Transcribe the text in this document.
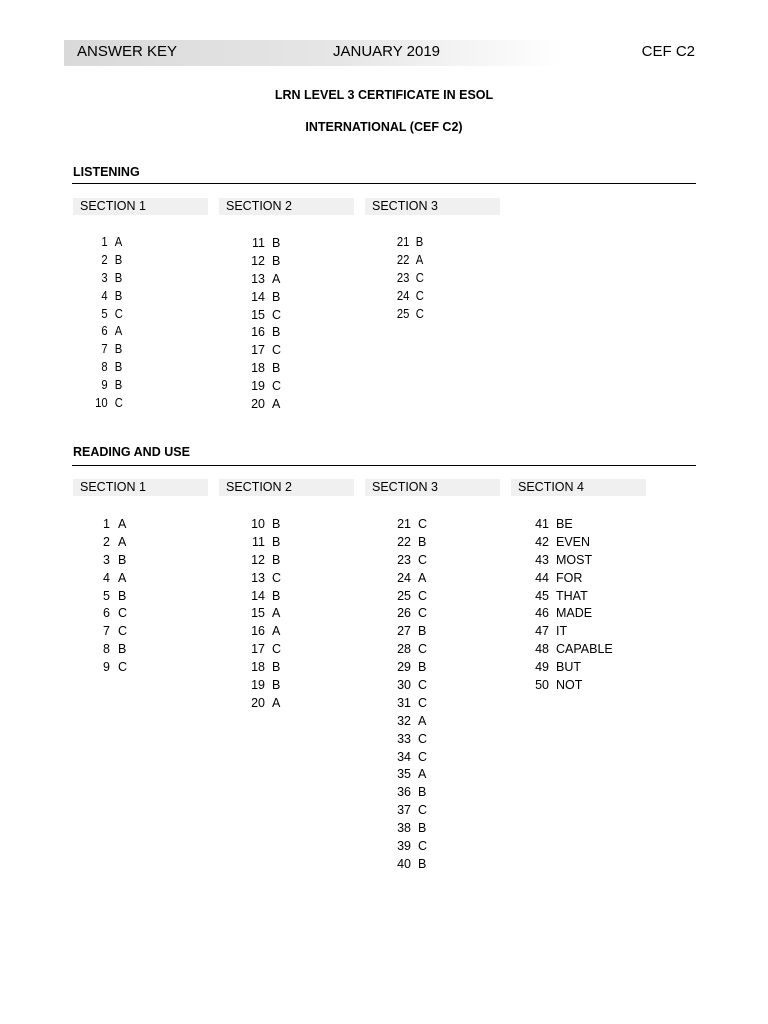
ANSWER KEY	JANUARY 2019	CEF C2
LRN LEVEL 3 CERTIFICATE IN ESOL
INTERNATIONAL (CEF C2)
LISTENING
SECTION 1	SECTION 2	SECTION 3
1 A
2 B
3 B
4 B
5 C
6 A
7 B
8 B
9 B
10 C
11 B
12 B
13 A
14 B
15 C
16 B
17 C
18 B
19 C
20 A
21 B
22 A
23 C
24 C
25 C
READING AND USE
SECTION 1	SECTION 2	SECTION 3	SECTION 4
1 A
2 A
3 B
4 A
5 B
6 C
7 C
8 B
9 C
10 B
11 B
12 B
13 C
14 B
15 A
16 A
17 C
18 B
19 B
20 A
21 C
22 B
23 C
24 A
25 C
26 C
27 B
28 C
29 B
30 C
31 C
32 A
33 C
34 C
35 A
36 B
37 C
38 B
39 C
40 B
41 BE
42 EVEN
43 MOST
44 FOR
45 THAT
46 MADE
47 IT
48 CAPABLE
49 BUT
50 NOT
